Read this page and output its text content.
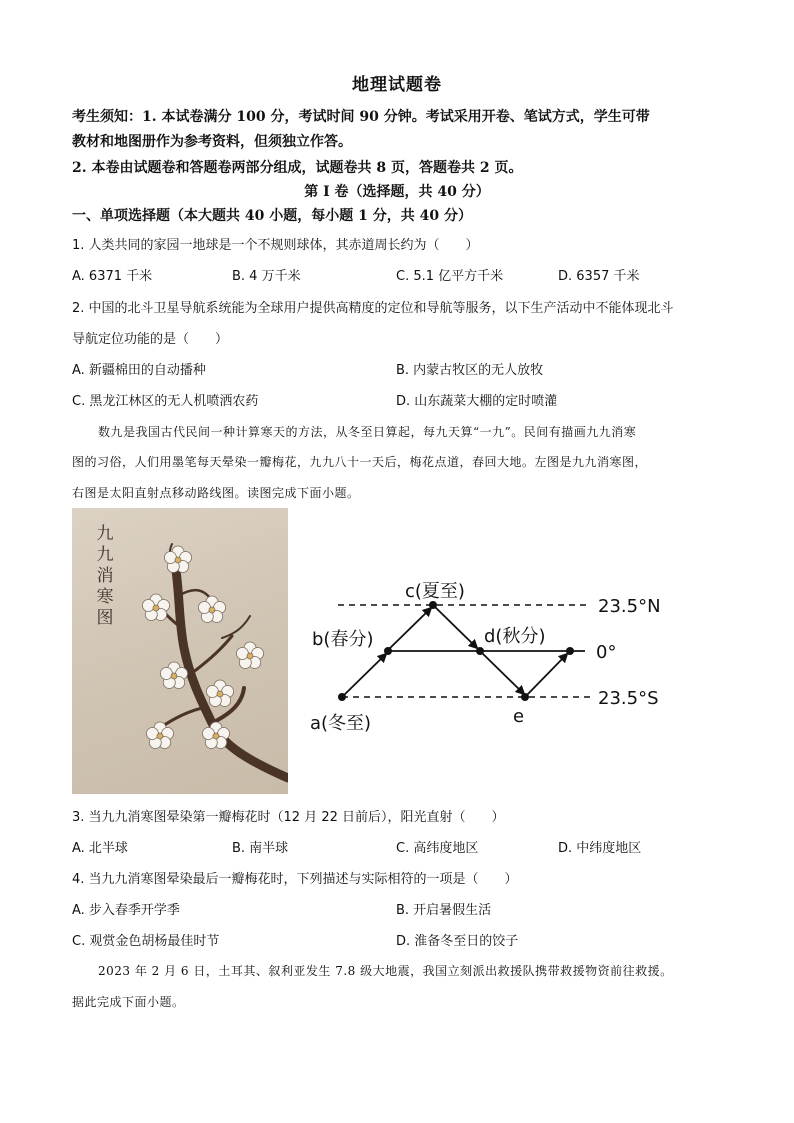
地理试题卷
考生须知：1. 本试卷满分 100 分，考试时间 90 分钟。考试采用开卷、笔试方式，学生可带
教材和地图册作为参考资料，但须独立作答。
2. 本卷由试题卷和答题卷两部分组成，试题卷共 8 页，答题卷共 2 页。
第 I 卷（选择题，共 40 分）
一、单项选择题（本大题共 40 小题，每小题 1 分，共 40 分）
1. 人类共同的家园一地球是一个不规则球体，其赤道周长约为（　　）
A. 6371 千米	B. 4 万千米	C. 5.1 亿平方千米	D. 6357 千米
2. 中国的北斗卫星导航系统能为全球用户提供高精度的定位和导航等服务，以下生产活动中不能体现北斗
导航定位功能的是（　　）
A. 新疆棉田的自动播种	B. 内蒙古牧区的无人放牧
C. 黑龙江林区的无人机喷洒农药	D. 山东蔬菜大棚的定时喷灌
数九是我国古代民间一种计算寒天的方法，从冬至日算起，每九天算“一九”。民间有描画九九消寒
图的习俗，人们用墨笔每天晕染一瓣梅花，九九八十一天后，梅花点道，春回大地。左图是九九消寒图，
右图是太阳直射点移动路线图。读图完成下面小题。
九九消寒图
c(夏至)
b(春分)	d(秋分)
a(冬至)	e
23.5°N
0°
23.5°S
3. 当九九消寒图晕染第一瓣梅花时（12 月 22 日前后），阳光直射（　　）
A. 北半球	B. 南半球	C. 高纬度地区	D. 中纬度地区
4. 当九九消寒图晕染最后一瓣梅花时，下列描述与实际相符的一项是（　　）
A. 步入春季开学季	B. 开启暑假生活
C. 观赏金色胡杨最佳时节	D. 淮备冬至日的饺子
2023 年 2 月 6 日，土耳其、叙利亚发生 7.8 级大地震，我国立刻派出救援队携带救援物资前往救援。
据此完成下面小题。
